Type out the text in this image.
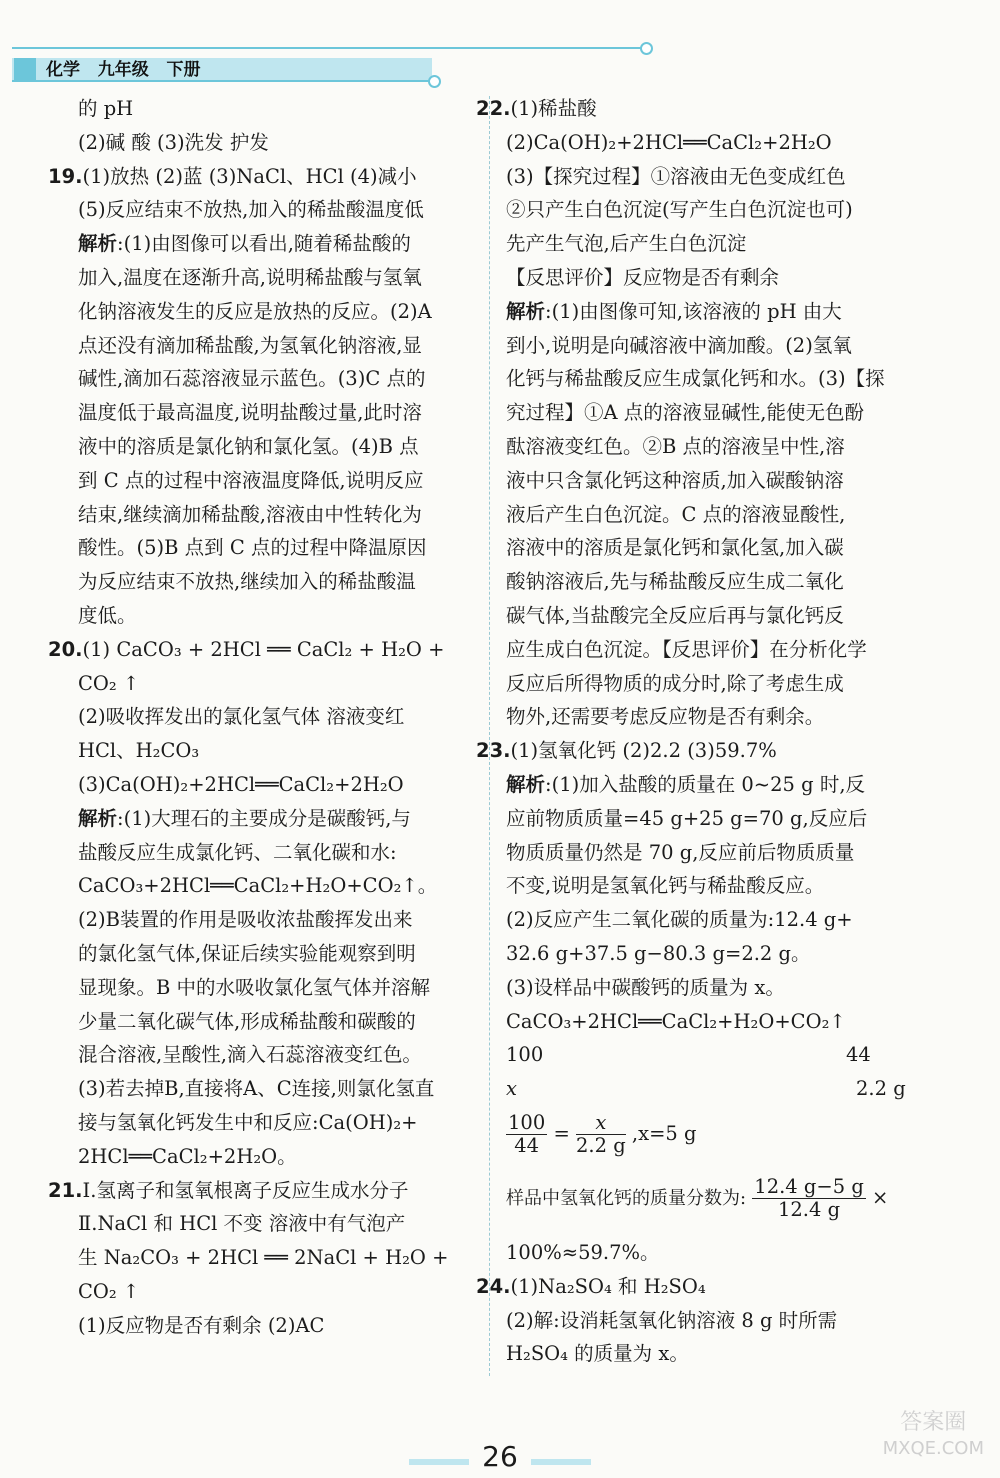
化学   九年级   下册
的 pH
(2)碱 酸 (3)洗发 护发
19.(1)放热 (2)蓝 (3)NaCl、HCl (4)减小
(5)反应结束不放热,加入的稀盐酸温度低
解析:(1)由图像可以看出,随着稀盐酸的
加入,温度在逐渐升高,说明稀盐酸与氢氧
化钠溶液发生的反应是放热的反应。(2)A
点还没有滴加稀盐酸,为氢氧化钠溶液,显
碱性,滴加石蕊溶液显示蓝色。(3)C 点的
温度低于最高温度,说明盐酸过量,此时溶
液中的溶质是氯化钠和氯化氢。(4)B 点
到 C 点的过程中溶液温度降低,说明反应
结束,继续滴加稀盐酸,溶液由中性转化为
酸性。(5)B 点到 C 点的过程中降温原因
为反应结束不放热,继续加入的稀盐酸温
度低。
20.(1) CaCO₃ + 2HCl ══ CaCl₂ + H₂O +
CO₂ ↑
(2)吸收挥发出的氯化氢气体 溶液变红
HCl、H₂CO₃
(3)Ca(OH)₂+2HCl══CaCl₂+2H₂O
解析:(1)大理石的主要成分是碳酸钙,与
盐酸反应生成氯化钙、二氧化碳和水:
CaCO₃+2HCl══CaCl₂+H₂O+CO₂↑。
(2)B装置的作用是吸收浓盐酸挥发出来
的氯化氢气体,保证后续实验能观察到明
显现象。B 中的水吸收氯化氢气体并溶解
少量二氧化碳气体,形成稀盐酸和碳酸的
混合溶液,呈酸性,滴入石蕊溶液变红色。
(3)若去掉B,直接将A、C连接,则氯化氢直
接与氢氧化钙发生中和反应:Ca(OH)₂+
2HCl══CaCl₂+2H₂O。
21.Ⅰ.氢离子和氢氧根离子反应生成水分子
Ⅱ.NaCl 和 HCl 不变 溶液中有气泡产
生 Na₂CO₃ + 2HCl ══ 2NaCl + H₂O +
CO₂ ↑
(1)反应物是否有剩余 (2)AC
22.(1)稀盐酸
(2)Ca(OH)₂+2HCl══CaCl₂+2H₂O
(3)【探究过程】①溶液由无色变成红色
②只产生白色沉淀(写产生白色沉淀也可)
先产生气泡,后产生白色沉淀
【反思评价】反应物是否有剩余
解析:(1)由图像可知,该溶液的 pH 由大
到小,说明是向碱溶液中滴加酸。(2)氢氧
化钙与稀盐酸反应生成氯化钙和水。(3)【探
究过程】①A 点的溶液显碱性,能使无色酚
酞溶液变红色。②B 点的溶液呈中性,溶
液中只含氯化钙这种溶质,加入碳酸钠溶
液后产生白色沉淀。C 点的溶液显酸性,
溶液中的溶质是氯化钙和氯化氢,加入碳
酸钠溶液后,先与稀盐酸反应生成二氧化
碳气体,当盐酸完全反应后再与氯化钙反
应生成白色沉淀。【反思评价】在分析化学
反应后所得物质的成分时,除了考虑生成
物外,还需要考虑反应物是否有剩余。
23.(1)氢氧化钙 (2)2.2 (3)59.7%
解析:(1)加入盐酸的质量在 0~25 g 时,反
应前物质质量=45 g+25 g=70 g,反应后
物质质量仍然是 70 g,反应前后物质质量
不变,说明是氢氧化钙与稀盐酸反应。
(2)反应产生二氧化碳的质量为:12.4 g+
32.6 g+37.5 g−80.3 g=2.2 g。
(3)设样品中碳酸钙的质量为 x。
CaCO₃+2HCl══CaCl₂+H₂O+CO₂↑
100	44
x	2.2 g
$\frac{100}{44} = \frac{x}{2.2 g} ,x=5$ g
样品中氢氧化钙的质量分数为: $\frac{12.4 g-5 g}{12.4 g}$ ×
100%≈59.7%。
24.(1)Na₂SO₄ 和 H₂SO₄
(2)解:设消耗氢氧化钠溶液 8 g 时所需
H₂SO₄ 的质量为 x。
26
答案圈
MXQE.COM
